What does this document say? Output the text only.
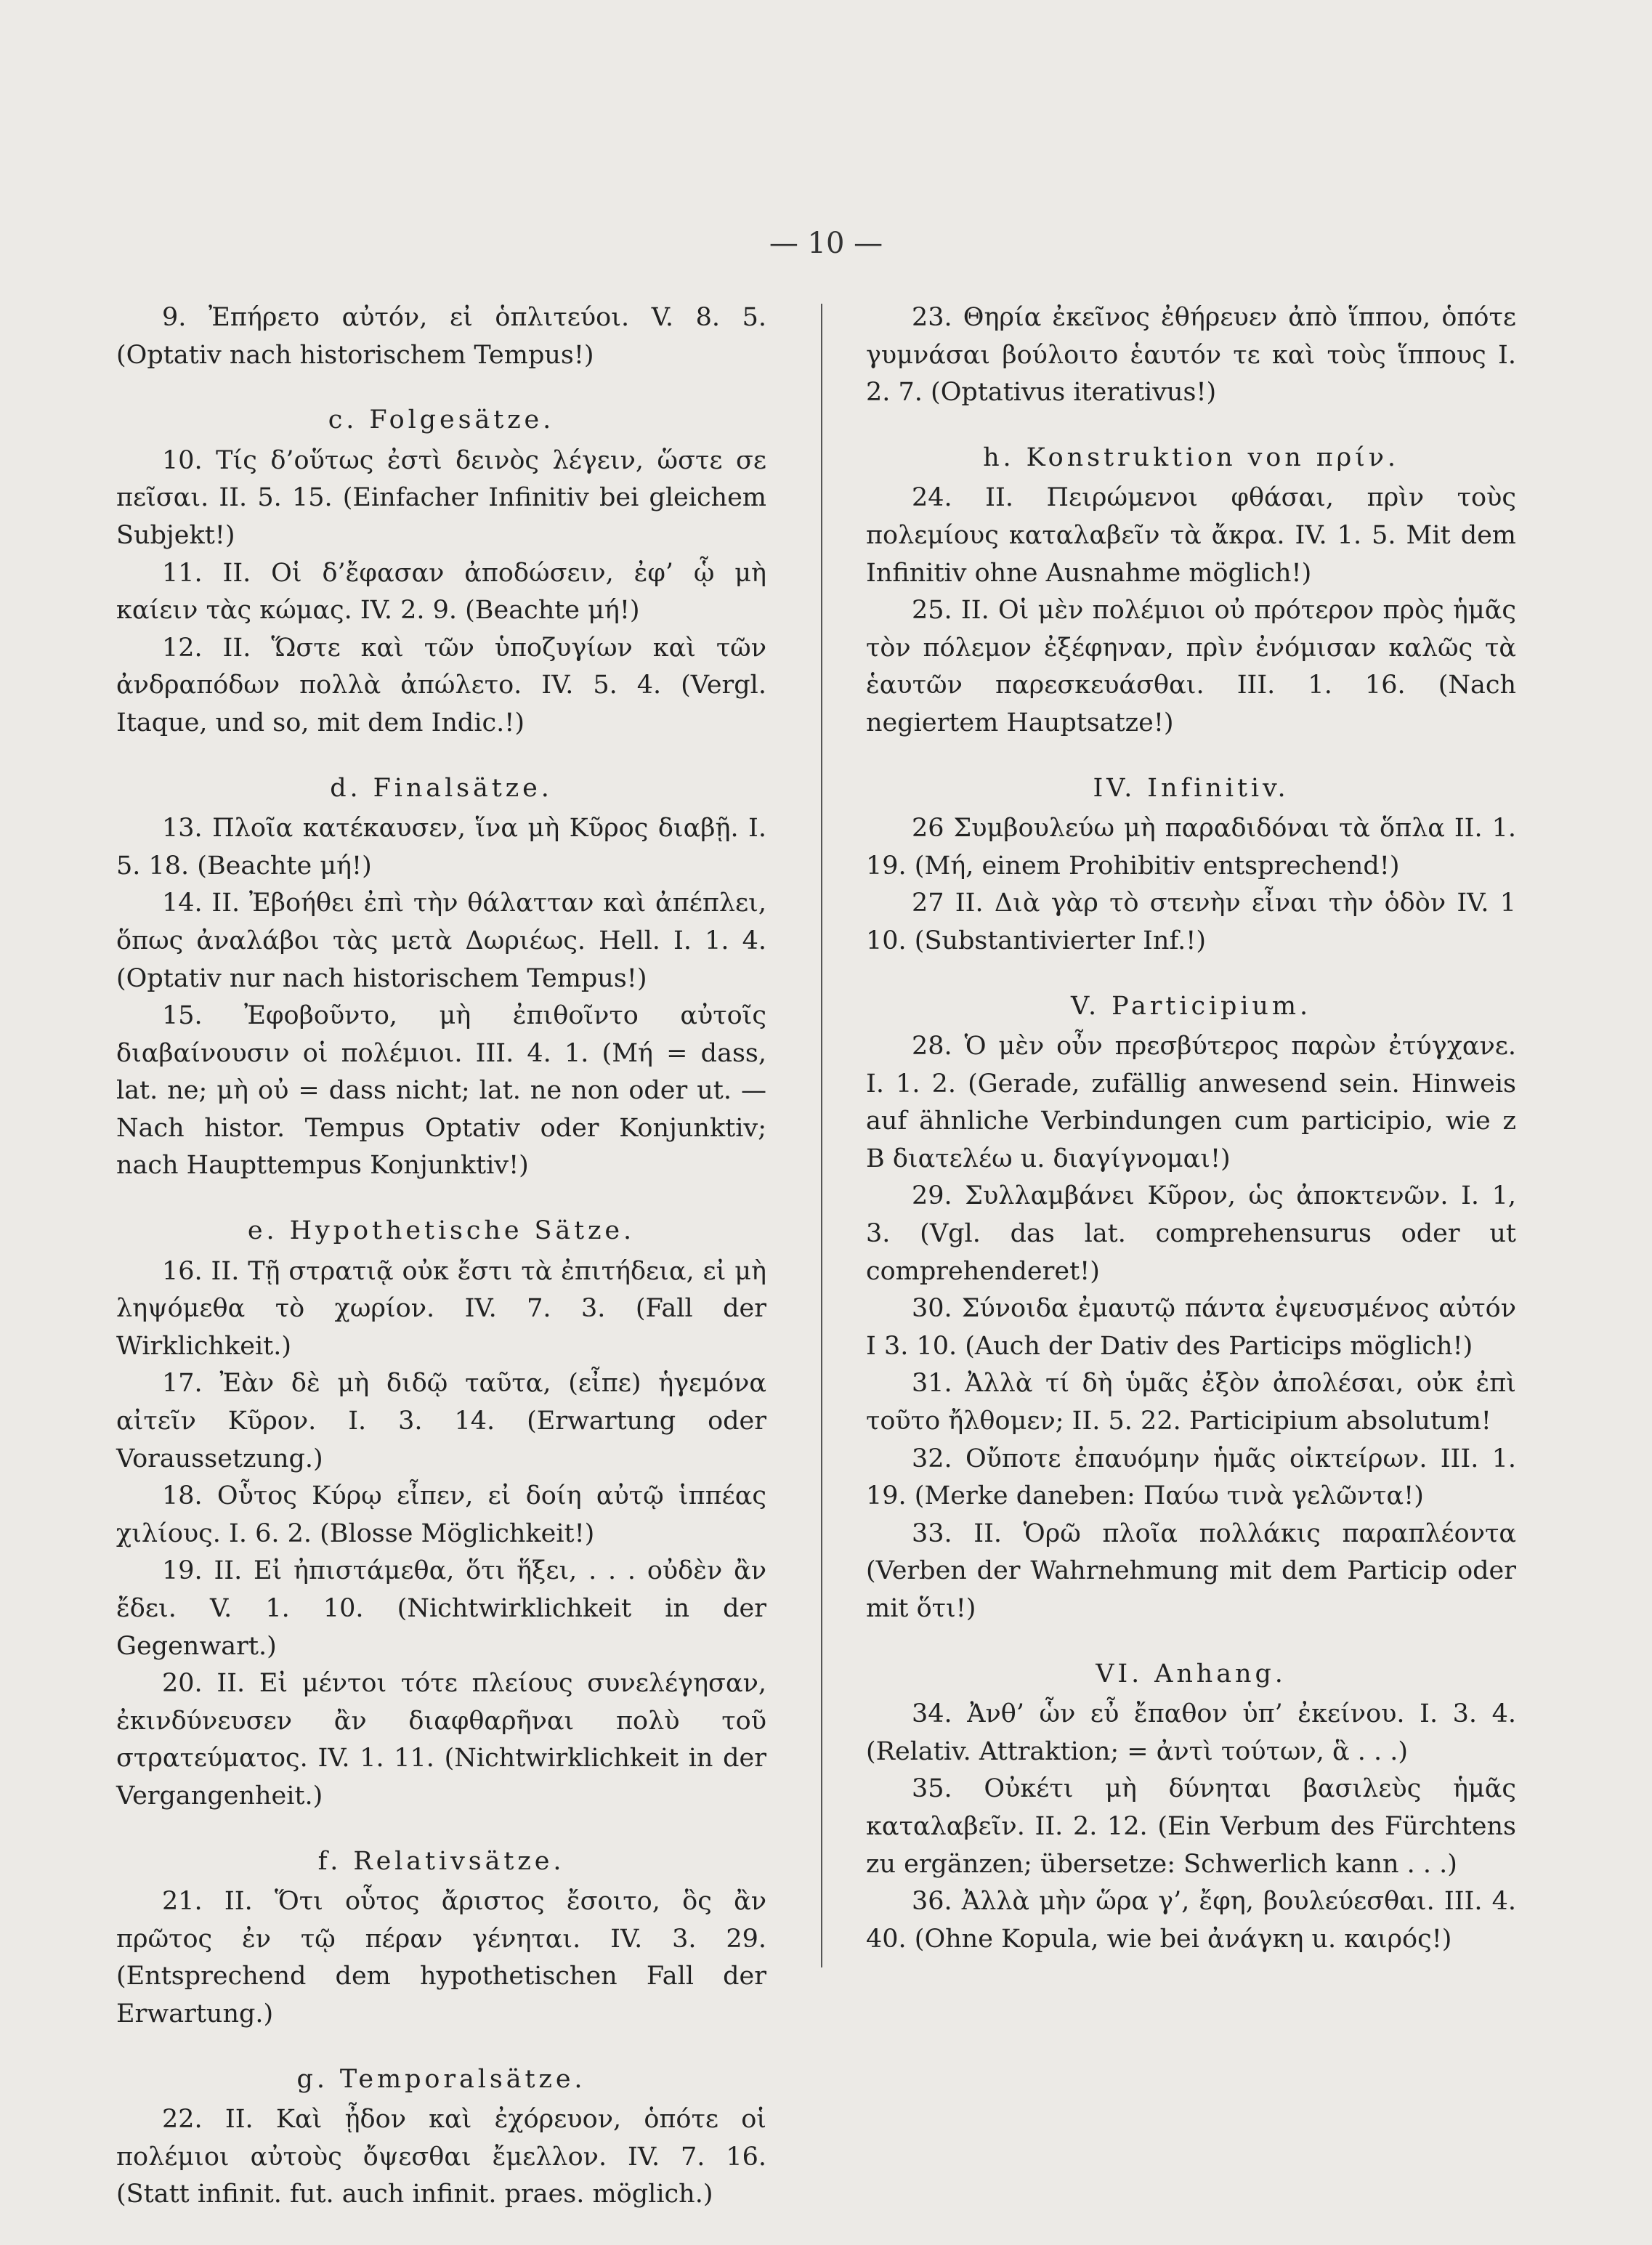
— 10 —

9. Ἐπήρετο αὐτόν, εἰ ὁπλιτεύοι. V. 8. 5. (Optativ nach historischem Tempus!)

c. Folgesätze.

10. Τίς δ’οὕτως ἐστὶ δεινὸς λέγειν, ὥστε σε πεῖσαι. II. 5. 15. (Einfacher Infinitiv bei gleichem Subjekt!)

11. II. Οἱ δ’ἔφασαν ἀποδώσειν, ἐφ’ ᾧ μὴ καίειν τὰς κώμας. IV. 2. 9. (Beachte μή!)

12. II. Ὥστε καὶ τῶν ὑποζυγίων καὶ τῶν ἀνδραπόδων πολλὰ ἀπώλετο. IV. 5. 4. (Vergl. Itaque, und so, mit dem Indic.!)

d. Finalsätze.

13. Πλοῖα κατέκαυσεν, ἵνα μὴ Κῦρος διαβῇ. I. 5. 18. (Beachte μή!)

14. II. Ἐβοήθει ἐπὶ τὴν θάλατταν καὶ ἀπέπλει, ὅπως ἀναλάβοι τὰς μετὰ Δωριέως. Hell. I. 1. 4. (Optativ nur nach historischem Tempus!)

15. Ἐφοβοῦντο, μὴ ἐπιθοῖντο αὐτοῖς διαβαίνουσιν οἱ πολέμιοι. III. 4. 1. (Μή = dass, lat. ne; μὴ οὐ = dass nicht; lat. ne non oder ut. — Nach histor. Tempus Optativ oder Konjunktiv; nach Haupttempus Konjunktiv!)

e. Hypothetische Sätze.

16. II. Τῇ στρατιᾷ οὐκ ἔστι τὰ ἐπιτήδεια, εἰ μὴ ληψόμεθα τὸ χωρίον. IV. 7. 3. (Fall der Wirklichkeit.)

17. Ἐὰν δὲ μὴ διδῷ ταῦτα, (εἶπε) ἡγεμόνα αἰτεῖν Κῦρον. I. 3. 14. (Erwartung oder Voraussetzung.)

18. Οὗτος Κύρῳ εἶπεν, εἰ δοίη αὐτῷ ἱππέας χιλίους. I. 6. 2. (Blosse Möglichkeit!)

19. II. Εἰ ἠπιστάμεθα, ὅτι ἥξει, . . . οὐδὲν ἂν ἔδει. V. 1. 10. (Nichtwirklichkeit in der Gegenwart.)

20. II. Εἰ μέντοι τότε πλείους συνελέγησαν, ἐκινδύνευσεν ἂν διαφθαρῆναι πολὺ τοῦ στρατεύματος. IV. 1. 11. (Nichtwirklichkeit in der Vergangenheit.)

f. Relativsätze.

21. II. Ὅτι οὗτος ἄριστος ἔσοιτο, ὃς ἂν πρῶτος ἐν τῷ πέραν γένηται. IV. 3. 29. (Entsprechend dem hypothetischen Fall der Erwartung.)

g. Temporalsätze.

22. II. Καὶ ᾖδον καὶ ἐχόρευον, ὁπότε οἱ πολέμιοι αὐτοὺς ὄψεσθαι ἔμελλον. IV. 7. 16. (Statt infinit. fut. auch infinit. praes. möglich.)

23. Θηρία ἐκεῖνος ἐθήρευεν ἀπὸ ἵππου, ὁπότε γυμνάσαι βούλοιτο ἑαυτόν τε καὶ τοὺς ἵππους I. 2. 7. (Optativus iterativus!)

h. Konstruktion von πρίν.

24. II. Πειρώμενοι φθάσαι, πρὶν τοὺς πολεμίους καταλαβεῖν τὰ ἄκρα. IV. 1. 5. Mit dem Infinitiv ohne Ausnahme möglich!)

25. II. Οἱ μὲν πολέμιοι οὐ πρότερον πρὸς ἡμᾶς τὸν πόλεμον ἐξέφηναν, πρὶν ἐνόμισαν καλῶς τὰ ἑαυτῶν παρεσκευάσθαι. III. 1. 16. (Nach negiertem Hauptsatze!)

IV. Infinitiv.

26 Συμβουλεύω μὴ παραδιδόναι τὰ ὅπλα II. 1. 19. (Μή, einem Prohibitiv entsprechend!)

27 II. Διὰ γὰρ τὸ στενὴν εἶναι τὴν ὁδὸν IV. 1 10. (Substantivierter Inf.!)

V. Participium.

28. Ὁ μὲν οὖν πρεσβύτερος παρὼν ἐτύγχανε. I. 1. 2. (Gerade, zufällig anwesend sein. Hinweis auf ähnliche Verbindungen cum participio, wie z B διατελέω u. διαγίγνομαι!)

29. Συλλαμβάνει Κῦρον, ὡς ἀποκτενῶν. I. 1, 3. (Vgl. das lat. comprehensurus oder ut comprehenderet!)

30. Σύνοιδα ἐμαυτῷ πάντα ἐψευσμένος αὐτόν I 3. 10. (Auch der Dativ des Particips möglich!)

31. Ἀλλὰ τί δὴ ὑμᾶς ἐξὸν ἀπολέσαι, οὐκ ἐπὶ τοῦτο ἤλθομεν; II. 5. 22. Participium absolutum!

32. Οὔποτε ἐπαυόμην ἡμᾶς οἰκτείρων. III. 1. 19. (Merke daneben: Παύω τινὰ γελῶντα!)

33. II. Ὁρῶ πλοῖα πολλάκις παραπλέοντα (Verben der Wahrnehmung mit dem Particip oder mit ὅτι!)

VI. Anhang.

34. Ἀνθ’ ὧν εὖ ἔπαθον ὑπ’ ἐκείνου. I. 3. 4. (Relativ. Attraktion; = ἀντὶ τούτων, ἃ . . .)

35. Οὐκέτι μὴ δύνηται βασιλεὺς ἡμᾶς καταλαβεῖν. II. 2. 12. (Ein Verbum des Fürchtens zu ergänzen; übersetze: Schwerlich kann . . .)

36. Ἀλλὰ μὴν ὥρα γ’, ἔφη, βουλεύεσθαι. III. 4. 40. (Ohne Kopula, wie bei ἀνάγκη u. καιρός!)
